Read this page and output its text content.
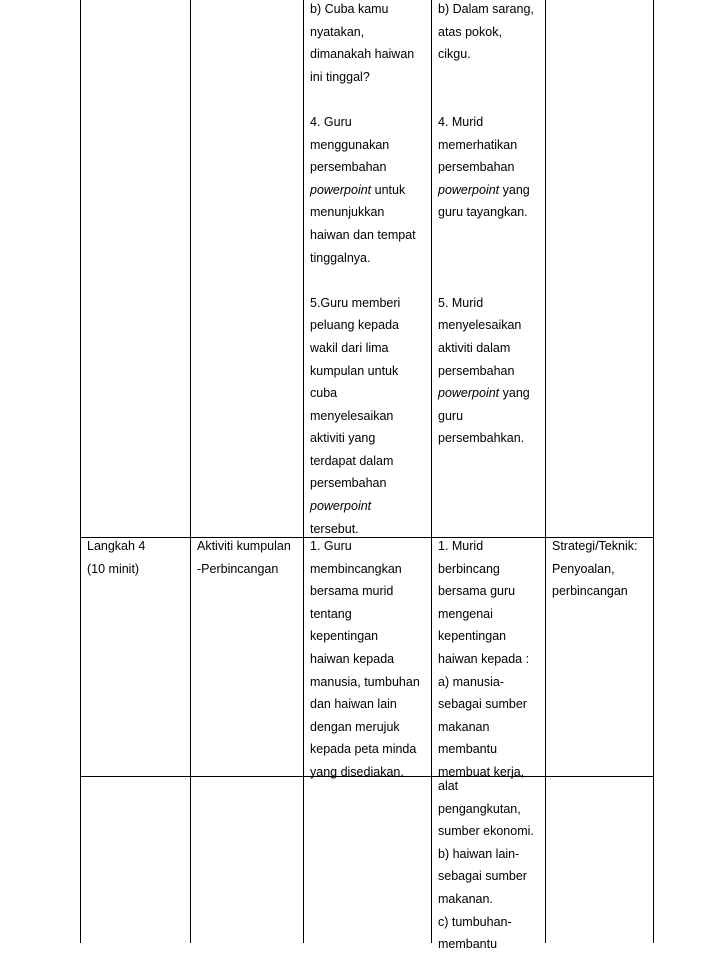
b) Cuba kamu
nyatakan,
dimanakah haiwan
ini tinggal?

4. Guru
menggunakan
persembahan
powerpoint untuk
menunjukkan
haiwan dan tempat
tinggalnya.

5.Guru memberi
peluang kepada
wakil dari lima
kumpulan untuk
cuba
menyelesaikan
aktiviti yang
terdapat dalam
persembahan
powerpoint
tersebut.
b) Dalam sarang,
atas pokok,
cikgu.

4. Murid
memerhatikan
persembahan
powerpoint yang
guru tayangkan.

5. Murid
menyelesaikan
aktiviti dalam
persembahan
powerpoint yang
guru
persembahkan.
Langkah 4
(10 minit)
Aktiviti kumpulan
-Perbincangan
1. Guru
membincangkan
bersama murid
tentang
kepentingan
haiwan kepada
manusia, tumbuhan
dan haiwan lain
dengan merujuk
kepada peta minda
yang disediakan.
1. Murid
berbincang
bersama guru
mengenai
kepentingan
haiwan kepada :
a) manusia-
sebagai sumber
makanan
membantu
membuat kerja,
Strategi/Teknik:
Penyoalan,
perbincangan
alat
pengangkutan,
sumber ekonomi.
b) haiwan lain-
sebagai sumber
makanan.
c) tumbuhan-
membantu
